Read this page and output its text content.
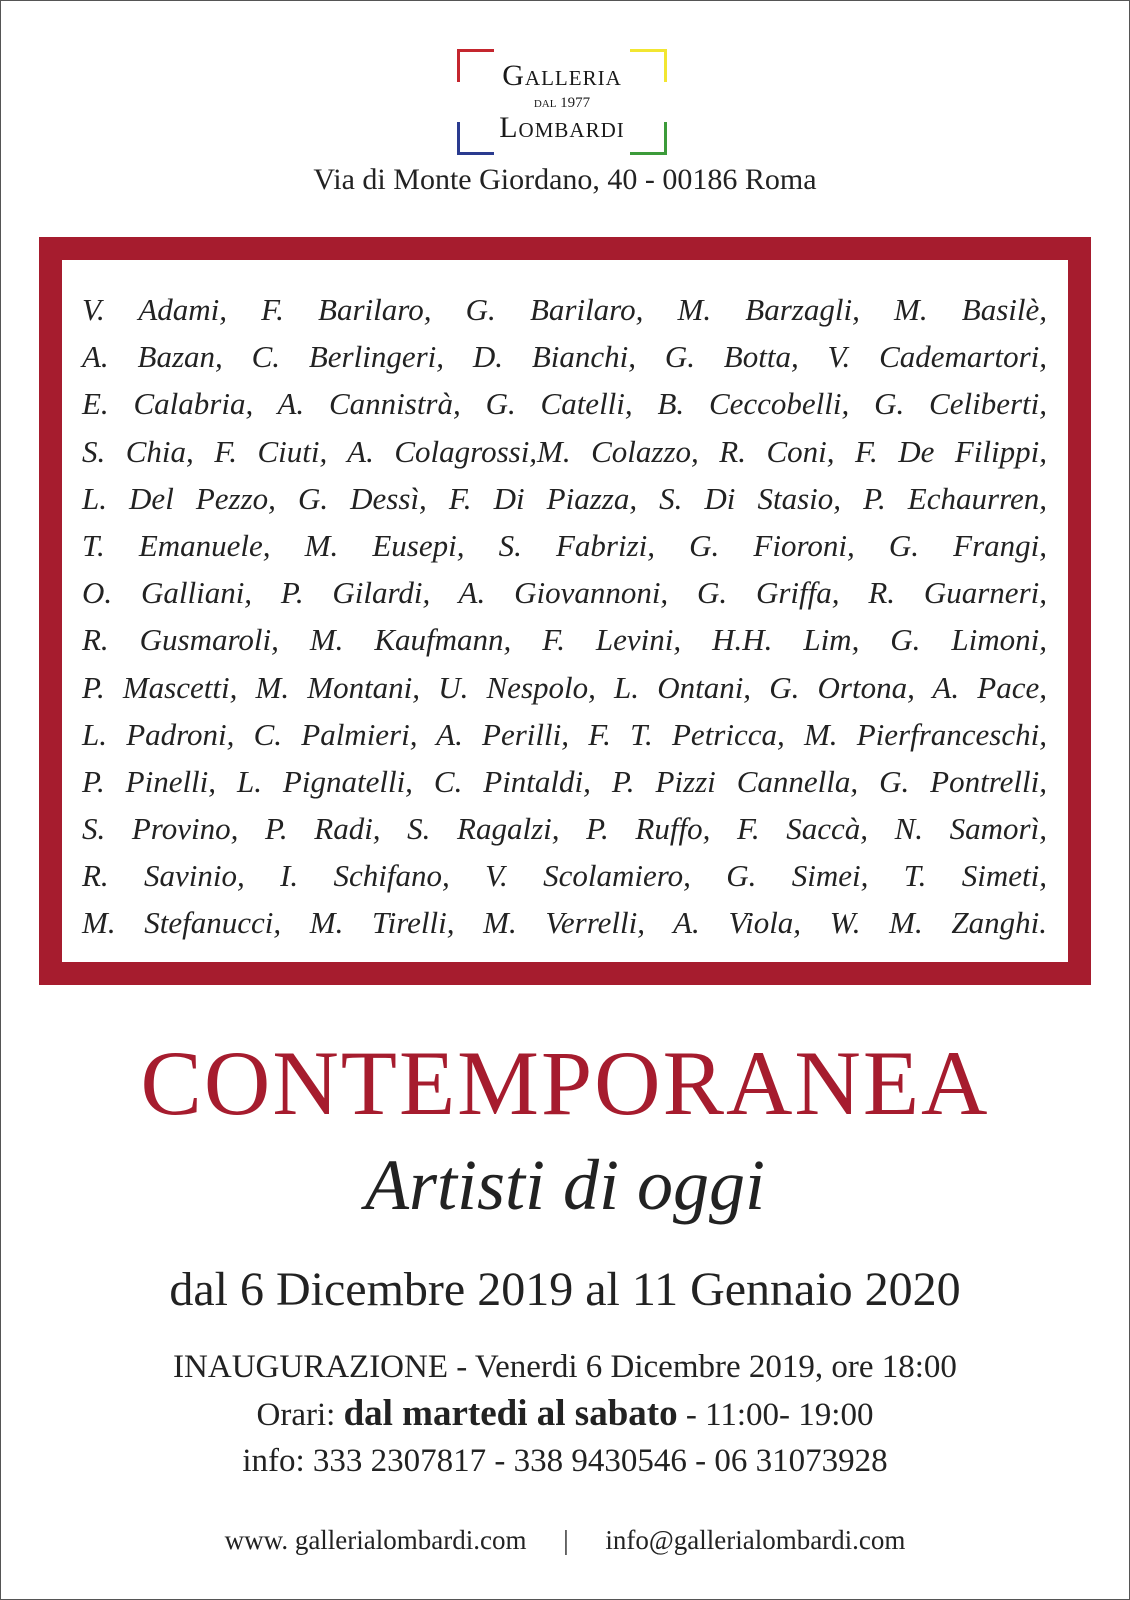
Galleria
dal 1977
Lombardi
Via di Monte Giordano, 40 - 00186 Roma
V. Adami, F. Barilaro, G. Barilaro, M. Barzagli, M. Basilè,
A. Bazan, C. Berlingeri, D. Bianchi, G. Botta, V. Cademartori,
E. Calabria, A. Cannistrà, G. Catelli, B. Ceccobelli, G. Celiberti,
S. Chia, F. Ciuti, A. Colagrossi,M. Colazzo, R. Coni, F. De Filippi,
L. Del Pezzo, G. Dessì, F. Di Piazza, S. Di Stasio, P. Echaurren,
T. Emanuele, M. Eusepi, S. Fabrizi, G. Fioroni, G. Frangi,
O. Galliani, P. Gilardi, A. Giovannoni, G. Griffa, R. Guarneri,
R. Gusmaroli, M. Kaufmann, F. Levini, H.H. Lim, G. Limoni,
P. Mascetti, M. Montani, U. Nespolo, L. Ontani, G. Ortona, A. Pace,
L. Padroni, C. Palmieri, A. Perilli, F. T. Petricca, M. Pierfranceschi,
P. Pinelli, L. Pignatelli, C. Pintaldi, P. Pizzi Cannella, G. Pontrelli,
S. Provino, P. Radi, S. Ragalzi, P. Ruffo, F. Saccà, N. Samorì,
R. Savinio, I. Schifano, V. Scolamiero, G. Simei, T. Simeti,
M. Stefanucci, M. Tirelli, M. Verrelli, A. Viola, W. M. Zanghi.
CONTEMPORANEA
Artisti di oggi
dal 6 Dicembre 2019 al 11 Gennaio 2020
INAUGURAZIONE - Venerdi 6 Dicembre 2019, ore 18:00
Orari: dal martedi al sabato - 11:00- 19:00
info: 333 2307817 - 338 9430546 - 06 31073928
www. gallerialombardi.com | info@gallerialombardi.com
